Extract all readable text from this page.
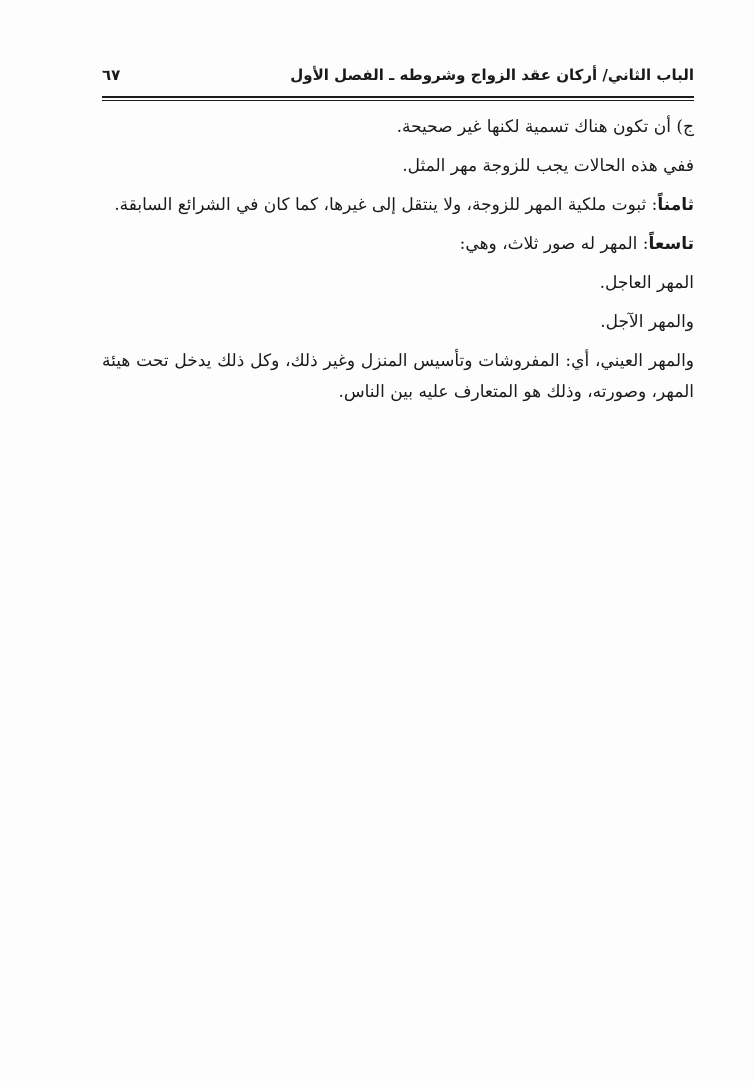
الباب الثاني/ أركان عقد الزواج وشروطه ـ الفصل الأول
٦٧

ج) أن تكون هناك تسمية لكنها غير صحيحة.

ففي هذه الحالات يجب للزوجة مهر المثل.

ثامناً: ثبوت ملكية المهر للزوجة، ولا ينتقل إلى غيرها، كما كان في الشرائع السابقة.

تاسعاً: المهر له صور ثلاث، وهي:

المهر العاجل.

والمهر الآجل.

والمهر العيني، أي: المفروشات وتأسيس المنزل وغير ذلك، وكل ذلك يدخل تحت هيئة المهر، وصورته، وذلك هو المتعارف عليه بين الناس.
